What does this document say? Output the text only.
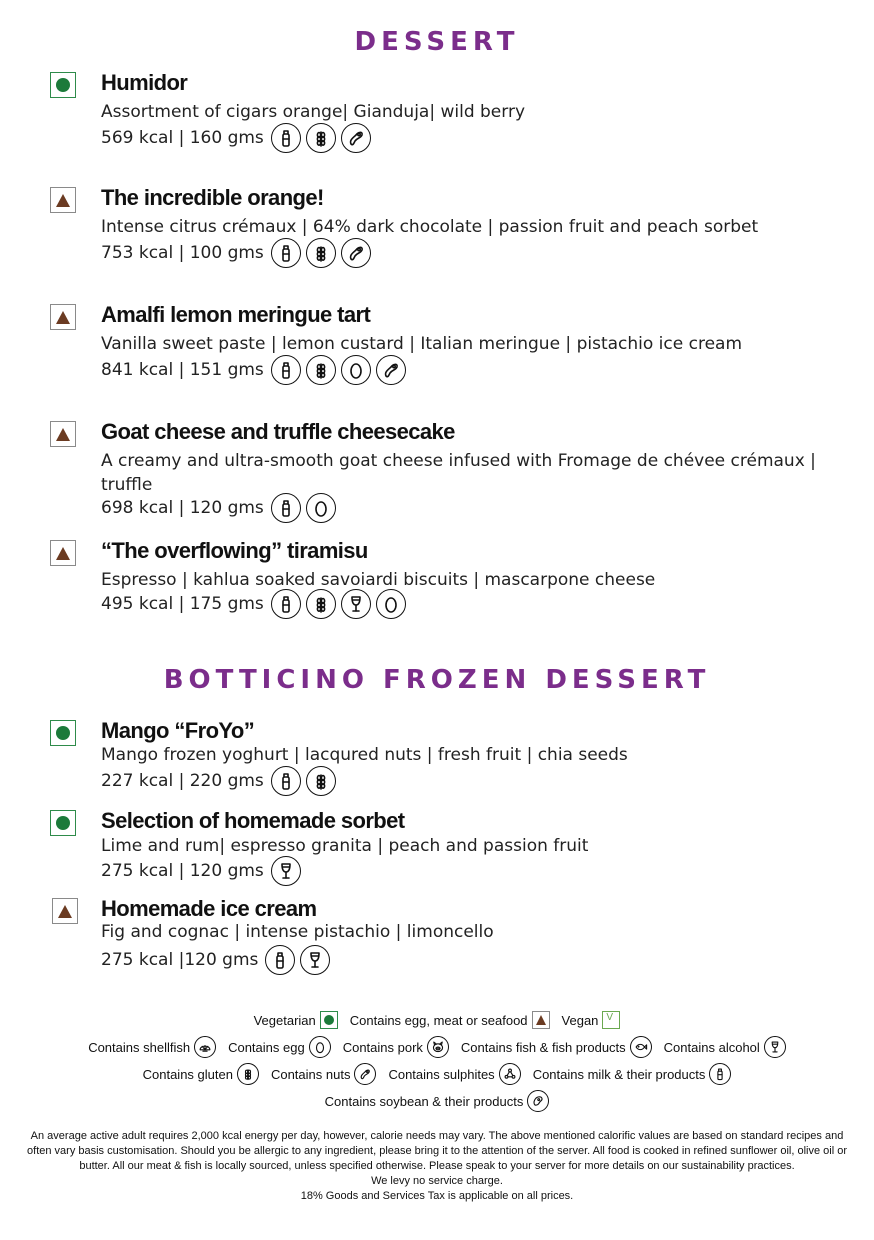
DESSERT
BOTTICINO FROZEN DESSERT
Humidor

Assortment of cigars orange| Gianduja| wild berry

569 kcal | 160 gms
The incredible orange!

Intense citrus crémaux | 64% dark chocolate | passion fruit and peach sorbet

753 kcal | 100 gms
Amalfi lemon meringue tart

Vanilla sweet paste | lemon custard | Italian meringue | pistachio ice cream

841 kcal | 151 gms
Goat cheese and truffle cheesecake

A creamy and ultra-smooth goat cheese infused with Fromage de chévee crémaux | truffle

698 kcal | 120 gms
“The overflowing” tiramisu

Espresso | kahlua soaked savoiardi biscuits | mascarpone cheese

495 kcal | 175 gms
Mango “FroYo”

Mango frozen yoghurt | lacqured nuts | fresh fruit | chia seeds

227 kcal | 220 gms
Selection of homemade sorbet

Lime and rum| espresso granita | peach and passion fruit

275 kcal | 120 gms
Homemade ice cream

Fig and cognac | intense pistachio | limoncello

275 kcal |120 gms
Vegetarian	Contains egg, meat or seafood	Vegan
V
Contains shellfish	Contains egg	Contains pork	Contains fish & fish products	Contains alcohol
Contains gluten	Contains nuts	Contains sulphites	Contains milk & their products
Contains soybean & their products

An average active adult requires 2,000 kcal energy per day, however, calorie needs may vary. The above mentioned calorific values are based on standard recipes and often vary basis customisation. Should you be allergic to any ingredient, please bring it to the attention of the server. All food is cooked in refined sunflower oil, olive oil or butter. All our meat & fish is locally sourced, unless specified otherwise. Please speak to your server for more details on our sustainability practices.

We levy no service charge.

18% Goods and Services Tax is applicable on all prices.
